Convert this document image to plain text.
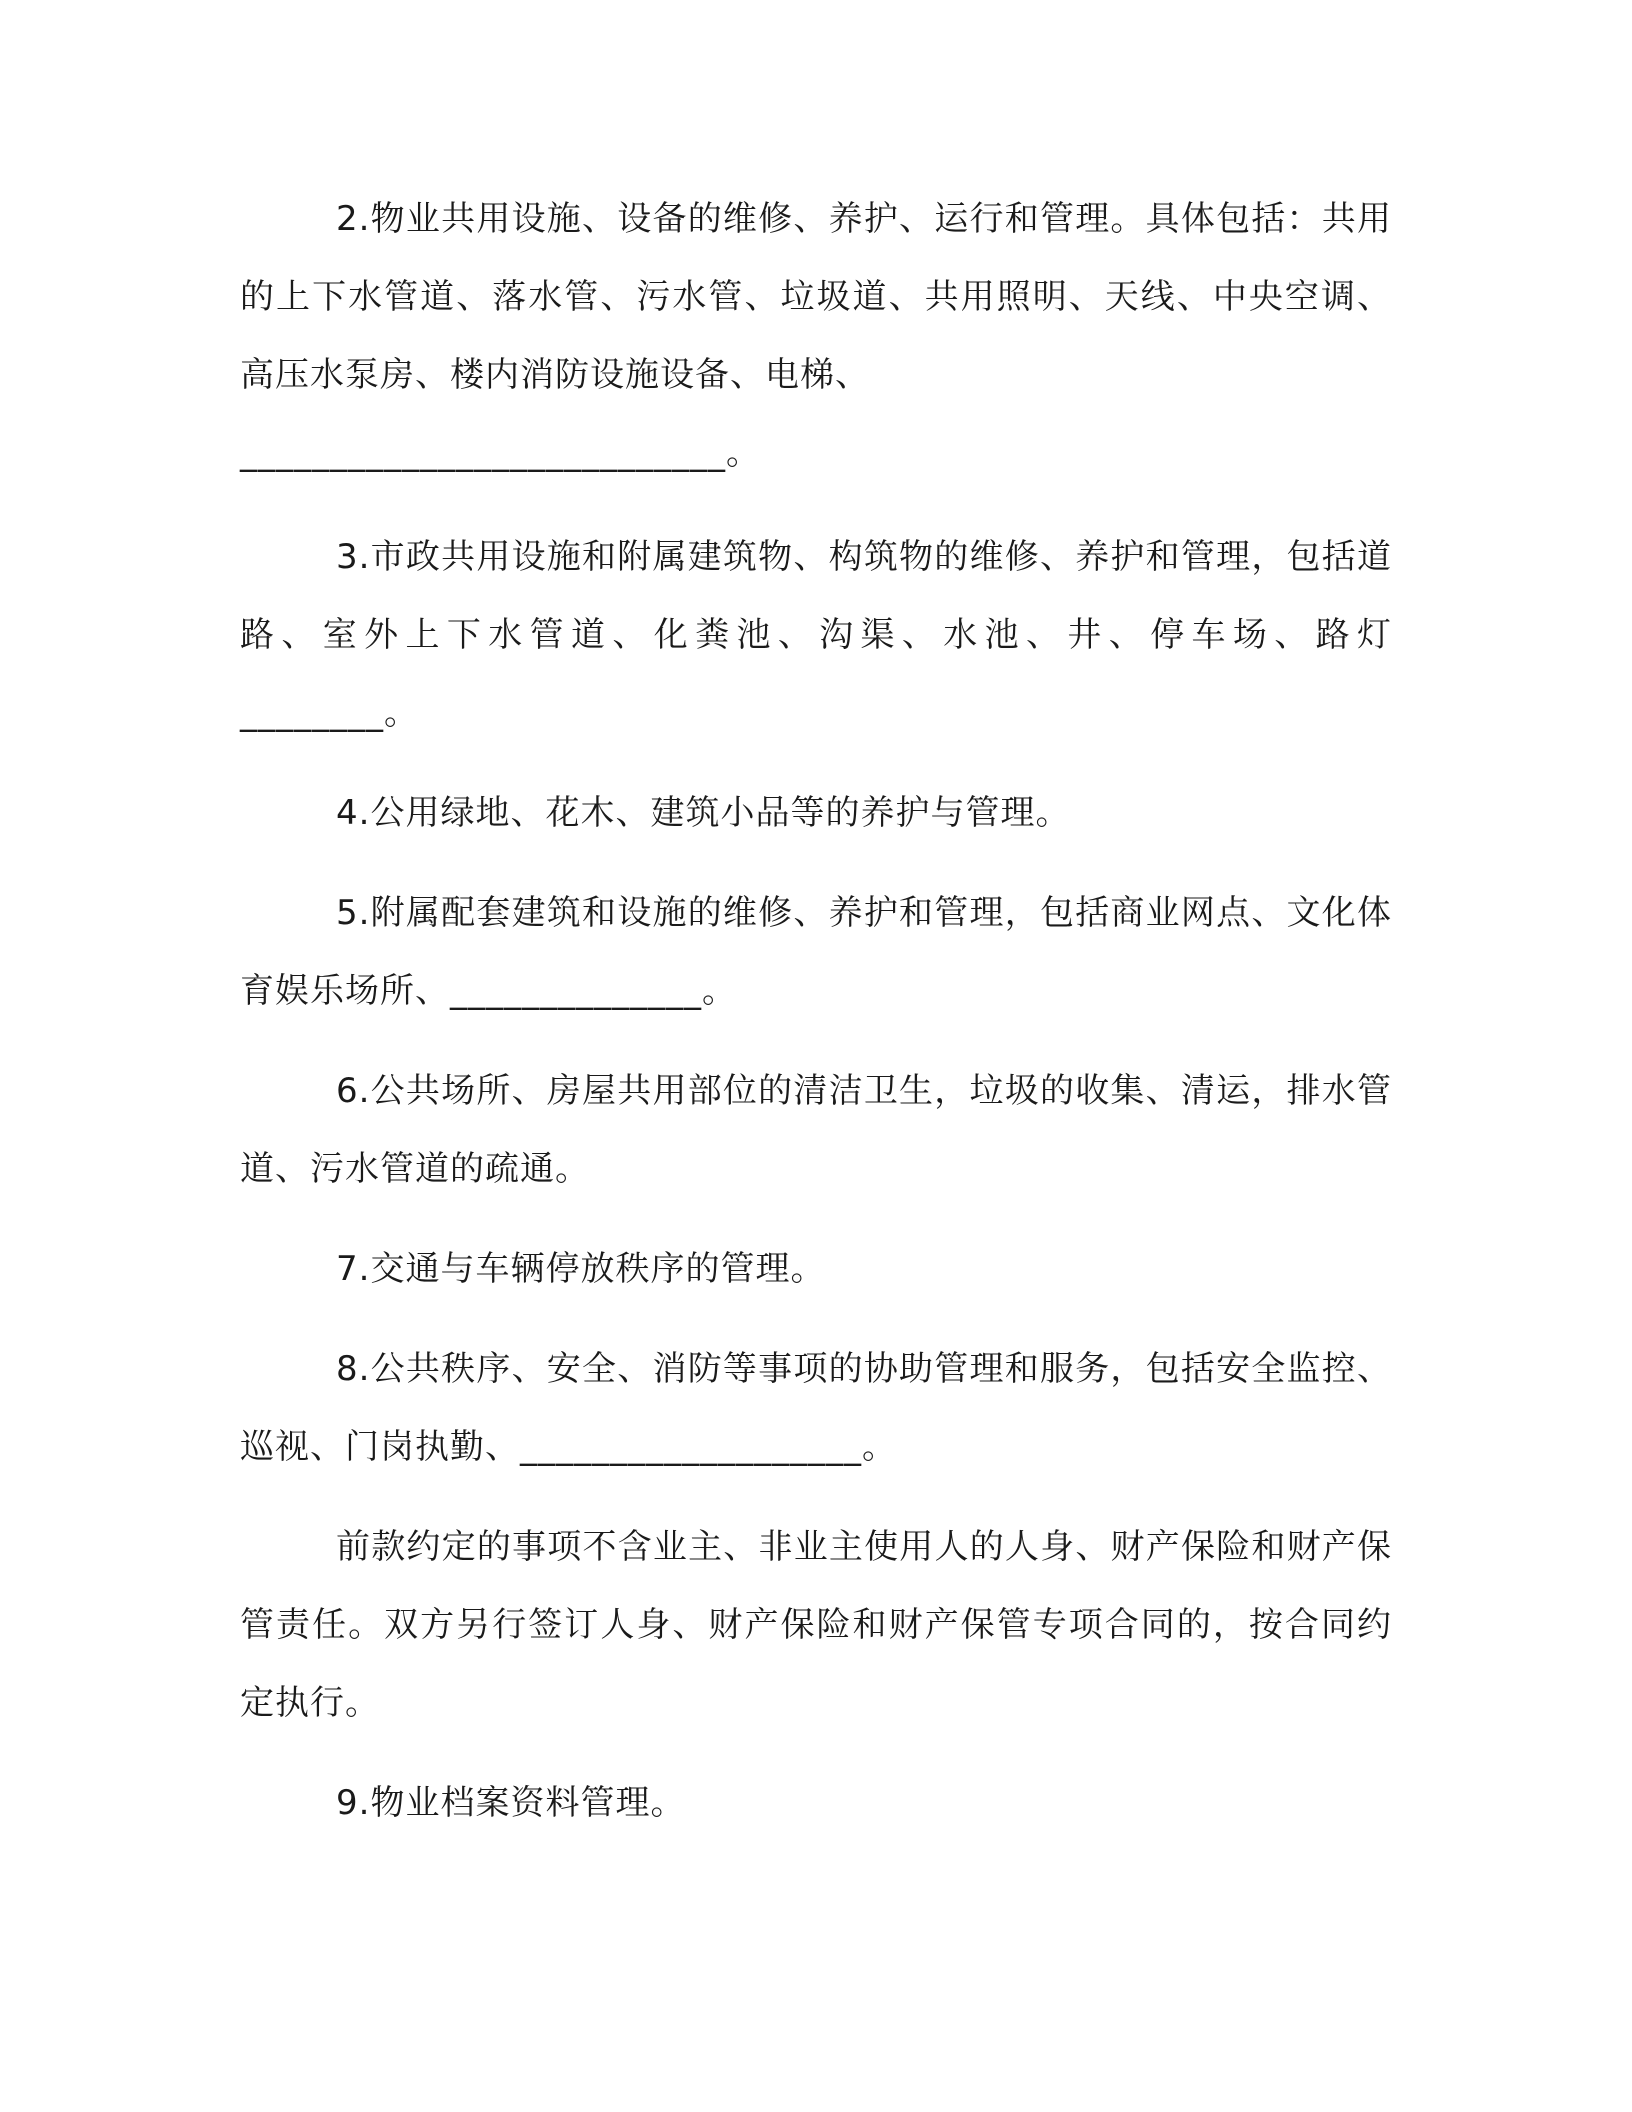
2.物业共用设施、设备的维修、养护、运行和管理。具体包括：共用的上下水管道、落水管、污水管、垃圾道、共用照明、天线、中央空调、高压水泵房、楼内消防设施设备、电梯、

___________________________。

3.市政共用设施和附属建筑物、构筑物的维修、养护和管理，包括道路、室外上下水管道、化粪池、沟渠、水池、井、停车场、路灯________。

4.公用绿地、花木、建筑小品等的养护与管理。

5.附属配套建筑和设施的维修、养护和管理，包括商业网点、文化体育娱乐场所、______________。

6.公共场所、房屋共用部位的清洁卫生，垃圾的收集、清运，排水管道、污水管道的疏通。

7.交通与车辆停放秩序的管理。

8.公共秩序、安全、消防等事项的协助管理和服务，包括安全监控、巡视、门岗执勤、___________________。

前款约定的事项不含业主、非业主使用人的人身、财产保险和财产保管责任。双方另行签订人身、财产保险和财产保管专项合同的，按合同约定执行。

9.物业档案资料管理。
